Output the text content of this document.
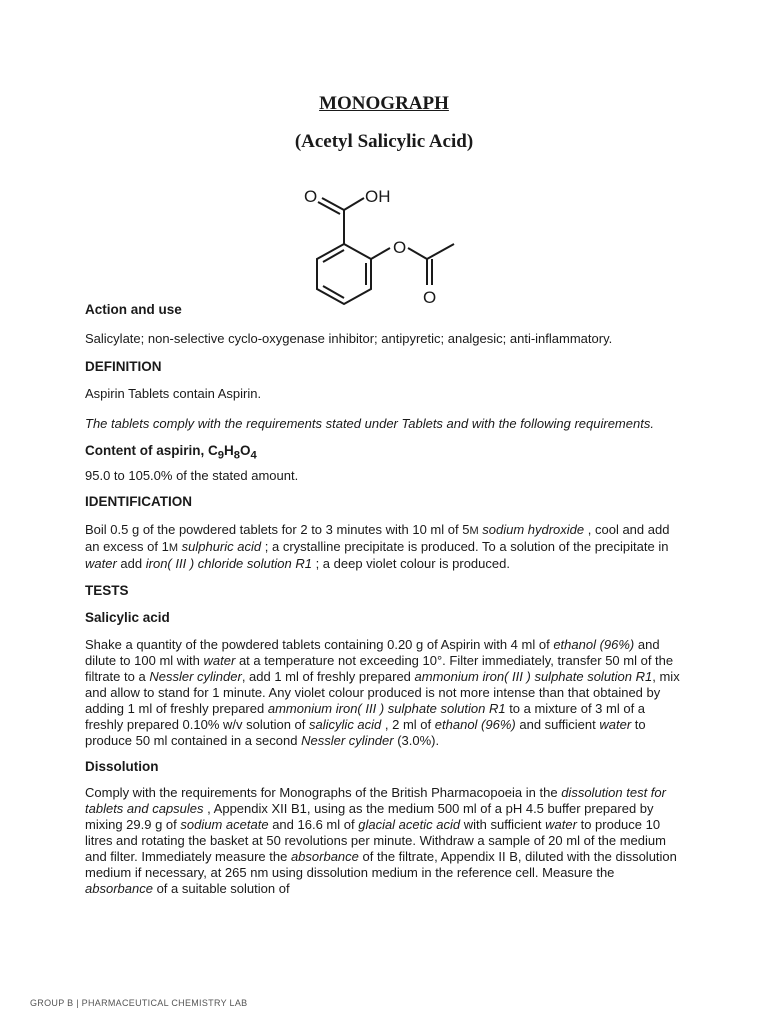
MONOGRAPH
(Acetyl Salicylic Acid)
O	OH
O
O

Action and use

Salicylate; non-selective cyclo-oxygenase inhibitor; antipyretic; analgesic; anti-inflammatory.

DEFINITION

Aspirin Tablets contain Aspirin.

The tablets comply with the requirements stated under Tablets and with the following requirements.

Content of aspirin, $C_9H_8O_4$

95.0 to 105.0% of the stated amount.

IDENTIFICATION

Boil 0.5 g of the powdered tablets for 2 to 3 minutes with 10 ml of 5M sodium hydroxide , cool and add an excess of 1M sulphuric acid ; a crystalline precipitate is produced. To a solution of the precipitate in water add iron( III ) chloride solution R1 ; a deep violet colour is produced.

TESTS

Salicylic acid

Shake a quantity of the powdered tablets containing 0.20 g of Aspirin with 4 ml of ethanol (96%) and dilute to 100 ml with water at a temperature not exceeding 10°. Filter immediately, transfer 50 ml of the filtrate to a Nessler cylinder, add 1 ml of freshly prepared ammonium iron( III ) sulphate solution R1, mix and allow to stand for 1 minute. Any violet colour produced is not more intense than that obtained by adding 1 ml of freshly prepared ammonium iron( III ) sulphate solution R1 to a mixture of 3 ml of a freshly prepared 0.10% w/v solution of salicylic acid , 2 ml of ethanol (96%) and sufficient water to produce 50 ml contained in a second Nessler cylinder (3.0%).

Dissolution

Comply with the requirements for Monographs of the British Pharmacopoeia in the dissolution test for tablets and capsules , Appendix XII B1, using as the medium 500 ml of a pH 4.5 buffer prepared by mixing 29.9 g of sodium acetate and 16.6 ml of glacial acetic acid with sufficient water to produce 10 litres and rotating the basket at 50 revolutions per minute. Withdraw a sample of 20 ml of the medium and filter. Immediately measure the absorbance of the filtrate, Appendix II B, diluted with the dissolution medium if necessary, at 265 nm using dissolution medium in the reference cell. Measure the absorbance of a suitable solution of

GROUP B | PHARMACEUTICAL CHEMISTRY LAB
